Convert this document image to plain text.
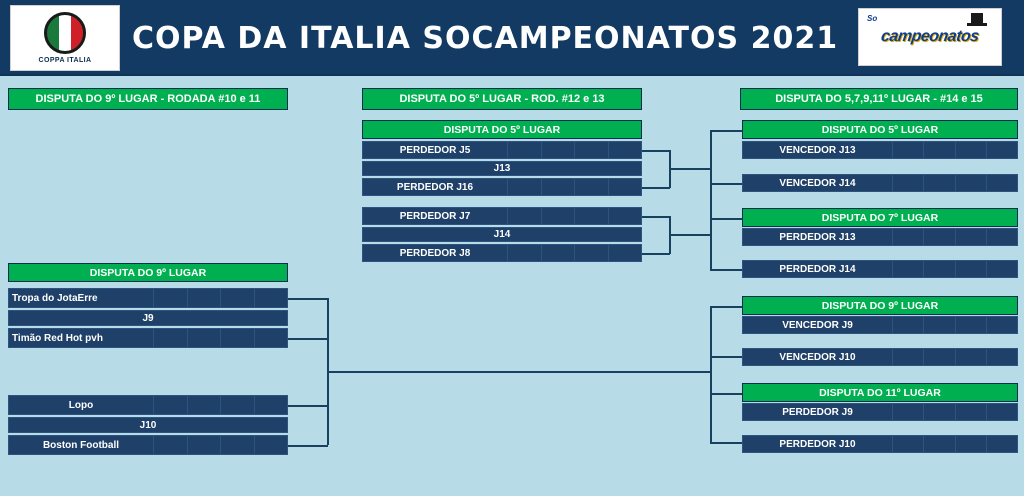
COPPA ITALIA
COPA DA ITALIA SOCAMPEONATOS 2021
So
campeonatos
DISPUTA DO 9º LUGAR - RODADA #10 e 11	DISPUTA DO 5º LUGAR - ROD. #12 e 13	DISPUTA DO 5,7,9,11º LUGAR - #14 e 15
DISPUTA DO 5º LUGAR
PERDEDOR J5
J13
PERDEDOR J16
PERDEDOR J7
J14
PERDEDOR J8
DISPUTA DO 9º LUGAR
Tropa do JotaErre
J9
Timão Red Hot pvh
Lopo
J10
Boston Football
DISPUTA DO 5º LUGAR
VENCEDOR J13
VENCEDOR J14
DISPUTA DO 7º LUGAR
PERDEDOR J13
PERDEDOR J14
DISPUTA DO 9º LUGAR
VENCEDOR J9
VENCEDOR J10
DISPUTA DO 11º LUGAR
PERDEDOR J9
PERDEDOR J10
